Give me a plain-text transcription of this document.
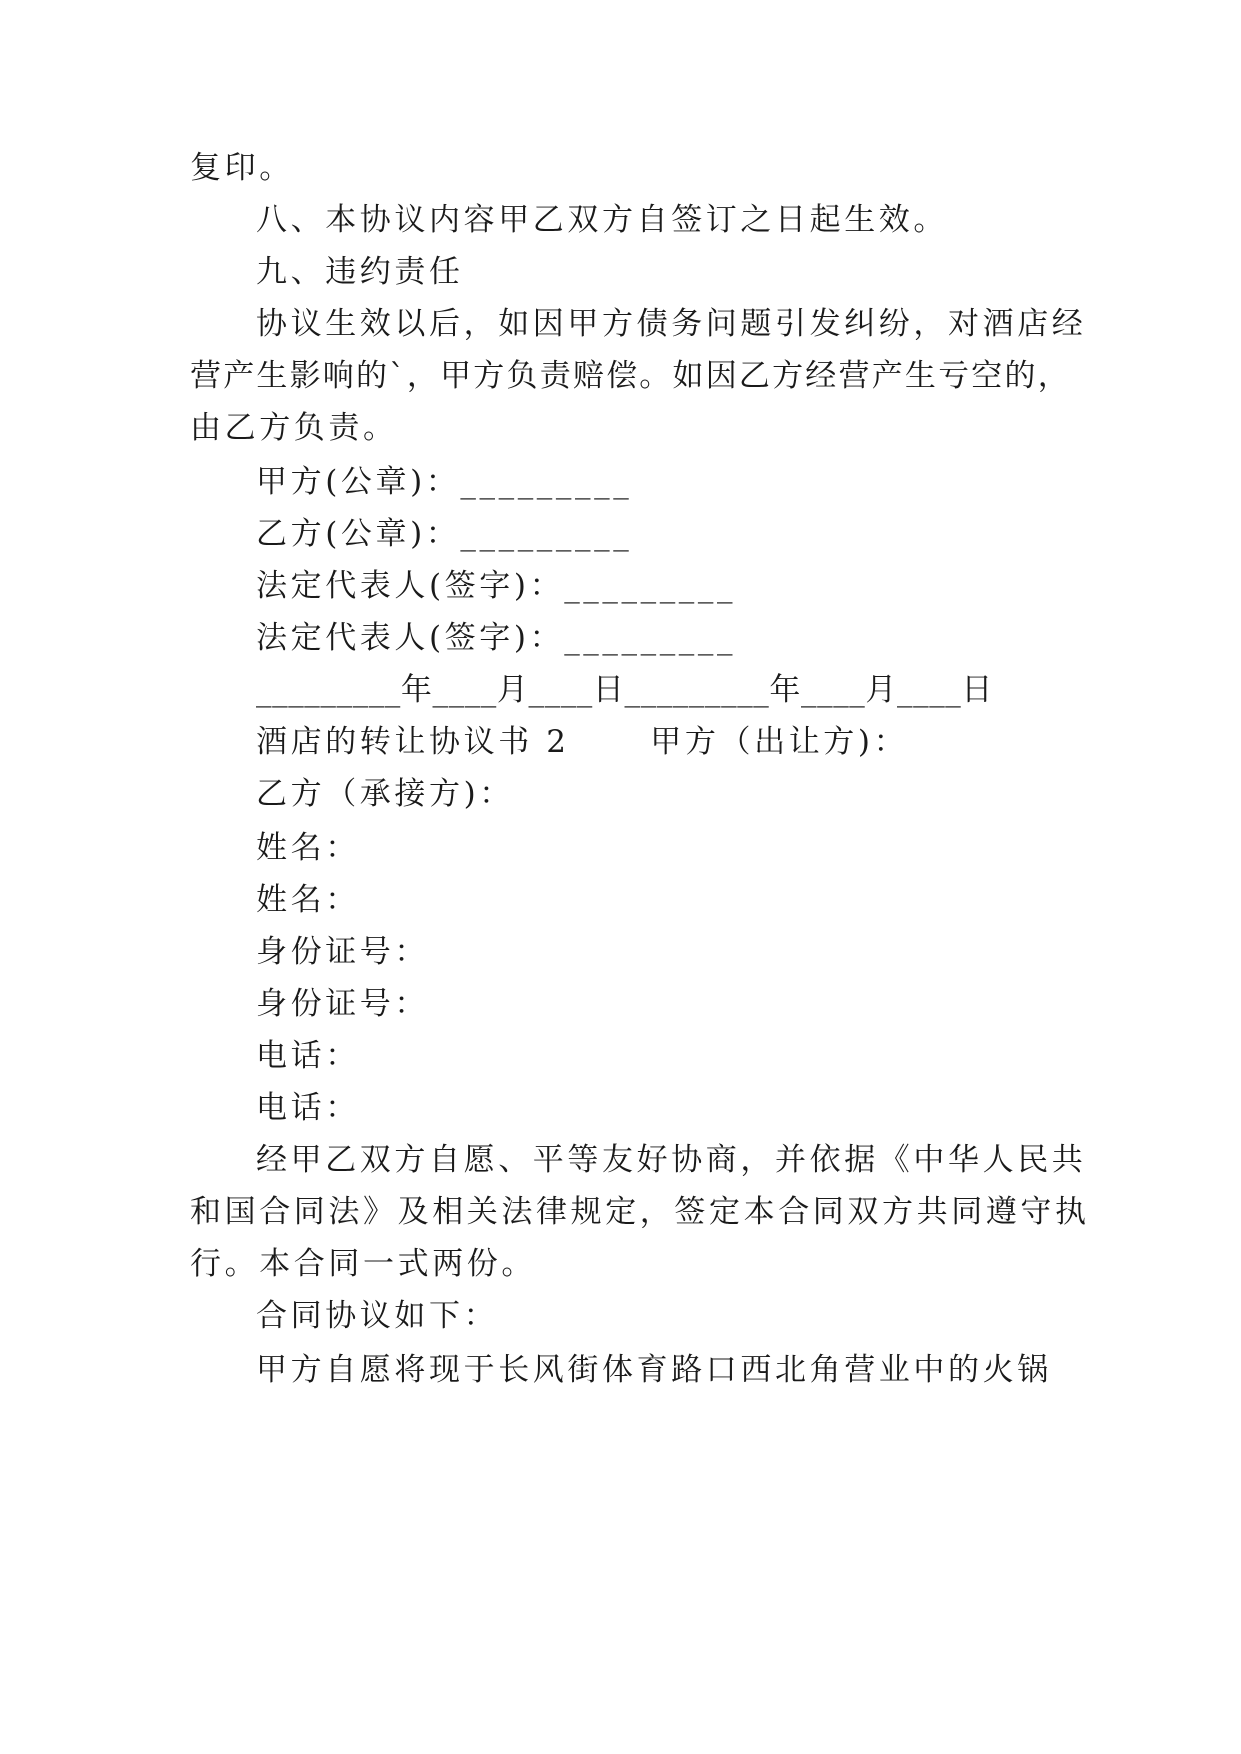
复印。
八、本协议内容甲乙双方自签订之日起生效。
九、违约责任
协议生效以后，如因甲方债务问题引发纠纷，对酒店经
营产生影响的`，甲方负责赔偿。如因乙方经营产生亏空的，
由乙方负责。
甲方(公章)：_________
乙方(公章)：_________
法定代表人(签字)：_________
法定代表人(签字)：_________
_________年____月____日_________年____月____日
酒店的转让协议书 2      甲方（出让方)：
乙方（承接方)：
姓名：
姓名：
身份证号：
身份证号：
电话：
电话：
经甲乙双方自愿、平等友好协商，并依据《中华人民共
和国合同法》及相关法律规定，签定本合同双方共同遵守执
行。本合同一式两份。
合同协议如下：
甲方自愿将现于长风街体育路口西北角营业中的火锅
